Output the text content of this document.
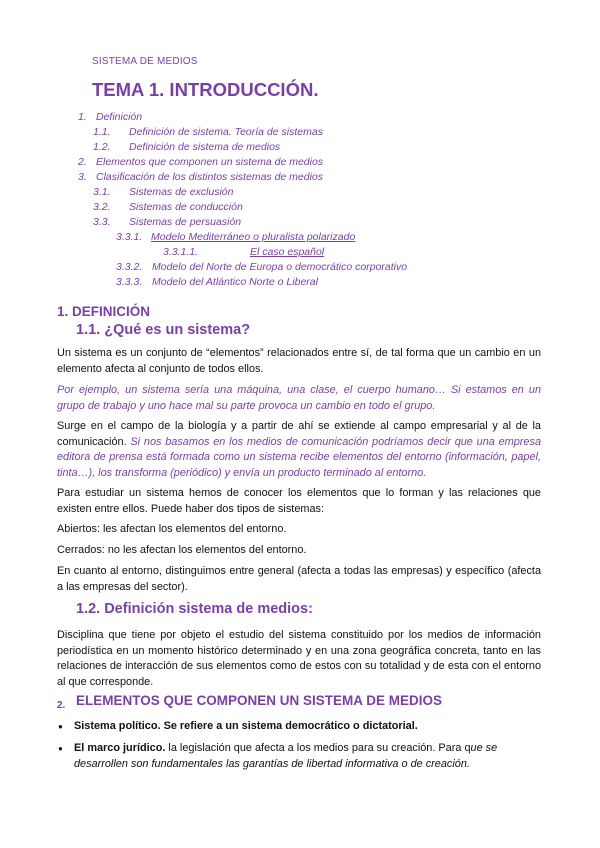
SISTEMA DE MEDIOS
TEMA 1. INTRODUCCIÓN.
1. Definición
1.1. Definición de sistema. Teoría de sistemas
1.2. Definición de sistema de medios
2. Elementos que componen un sistema de medios
3. Clasificación de los distintos sistemas de medios
3.1. Sistemas de exclusión
3.2. Sistemas de conducción
3.3. Sistemas de persuasión
3.3.1. Modelo Mediterráneo o pluralista polarizado
3.3.1.1.	El caso español
3.3.2. Modelo del Norte de Europa o democrático corporativo
3.3.3. Modelo del Atlántico Norte o Liberal
1. DEFINICIÓN
1.1. ¿Qué es un sistema?
Un sistema es un conjunto de “elementos” relacionados entre sí, de tal forma que un cambio en un elemento afecta al conjunto de todos ellos.
Por ejemplo, un sistema sería una máquina, una clase, el cuerpo humano… Si estamos en un grupo de trabajo y uno hace mal su parte provoca un cambio en todo el grupo.
Surge en el campo de la biología y a partir de ahí se extiende al campo empresarial y al de la comunicación. Si nos basamos en los medios de comunicación podríamos decir que una empresa editora de prensa está formada como un sistema recibe elementos del entorno (información, papel, tinta…), los transforma (periódico) y envía un producto terminado al entorno.
Para estudiar un sistema hemos de conocer los elementos que lo forman y las relaciones que existen entre ellos. Puede haber dos tipos de sistemas:
Abiertos: les afectan los elementos del entorno.
Cerrados: no les afectan los elementos del entorno.
En cuanto al entorno, distinguimos entre general (afecta a todas las empresas) y específico (afecta a las empresas del sector).
1.2. Definición sistema de medios:
Disciplina que tiene por objeto el estudio del sistema constituido por los medios de información periodística en un momento histórico determinado y en una zona geográfica concreta, tanto en las relaciones de interacción de sus elementos como de estos con su totalidad y de esta con el entorno al que corresponde.
2. ELEMENTOS QUE COMPONEN UN SISTEMA DE MEDIOS
● Sistema político. Se refiere a un sistema democrático o dictatorial.
● El marco jurídico. la legislación que afecta a los medios para su creación. Para que se desarrollen son fundamentales las garantías de libertad informativa o de creación.
